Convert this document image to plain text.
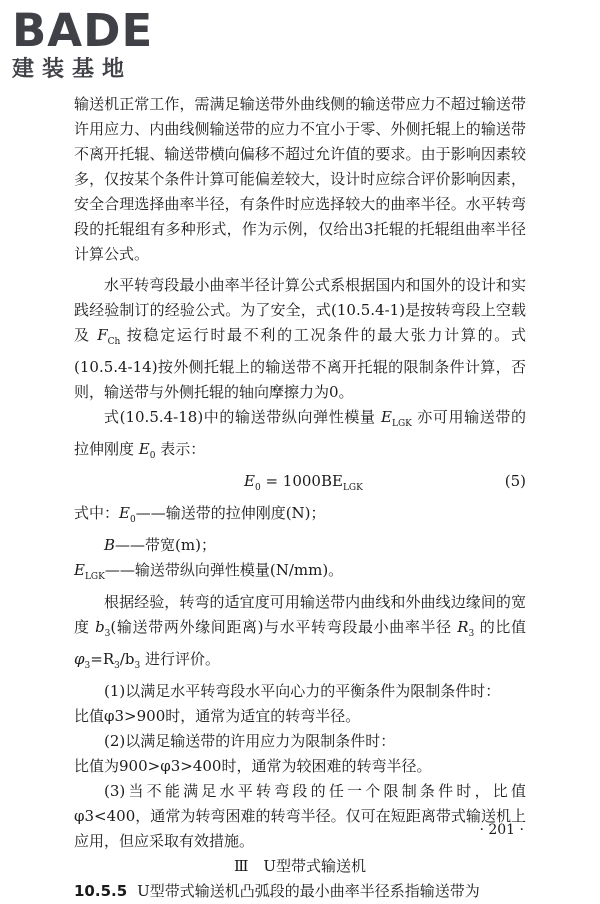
BADE
建装基地

输送机正常工作，需满足输送带外曲线侧的输送带应力不超过输送带许用应力、内曲线侧输送带的应力不宜小于零、外侧托辊上的输送带不离开托辊、输送带横向偏移不超过允许值的要求。由于影响因素较多，仅按某个条件计算可能偏差较大，设计时应综合评价影响因素，安全合理选择曲率半径，有条件时应选择较大的曲率半径。水平转弯段的托辊组有多种形式，作为示例，仅给出3托辊的托辊组曲率半径计算公式。

水平转弯段最小曲率半径计算公式系根据国内和国外的设计和实践经验制订的经验公式。为了安全，式(10.5.4-1)是按转弯段上空载及 $F_{Ch}$ 按稳定运行时最不利的工况条件的最大张力计算的。式(10.5.4-14)按外侧托辊上的输送带不离开托辊的限制条件计算，否则，输送带与外侧托辊的轴向摩擦力为0。

式(10.5.4-18)中的输送带纵向弹性模量 $E_{LGK}$ 亦可用输送带的拉伸刚度 $E_0$ 表示：

$E_0 = 1000BE_{LGK}$	(5)

式中：$E_0——$输送带的拉伸刚度(N)；

B——带宽(m)；

$E_{LGK}——$输送带纵向弹性模量(N/mm)。

根据经验，转弯的适宜度可用输送带内曲线和外曲线边缘间的宽度 $b_3$(输送带两外缘间距离)与水平转弯段最小曲率半径 $R_3$ 的比值 $\varphi_3=R_3/b_3$ 进行评价。

(1)以满足水平转弯段水平向心力的平衡条件为限制条件时：

比值φ3>900时，通常为适宜的转弯半径。

(2)以满足输送带的许用应力为限制条件时：

比值为900>φ3>400时，通常为较困难的转弯半径。

(3)当不能满足水平转弯段的任一个限制条件时，比值φ3<400，通常为转弯困难的转弯半径。仅可在短距离带式输送机上应用，但应采取有效措施。

Ⅲ　U型带式输送机

10.5.5 U型带式输送机凸弧段的最小曲率半径系指输送带为

· 201 ·
